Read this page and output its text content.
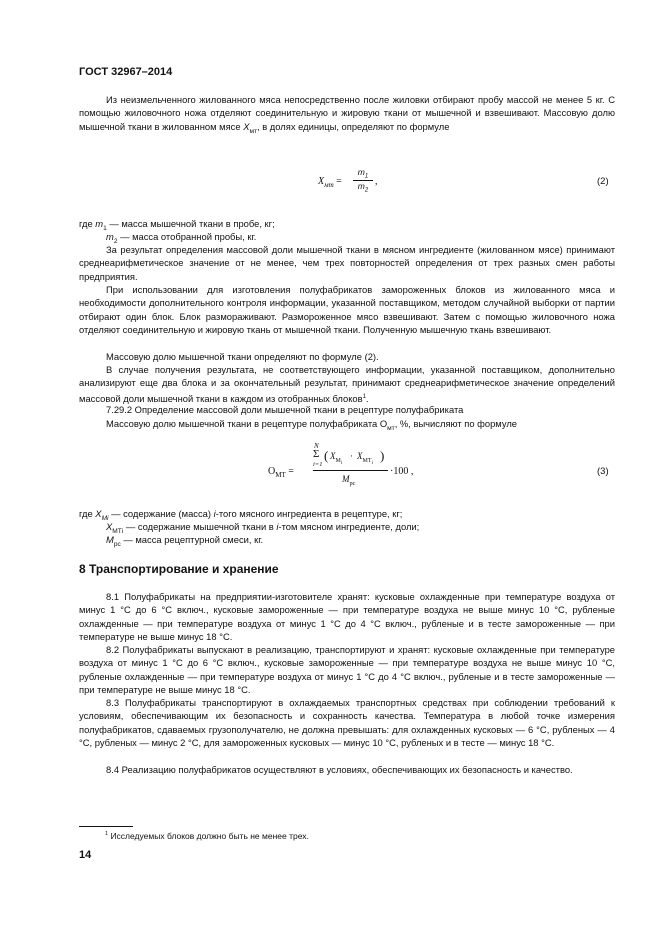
ГОСТ 32967–2014
Из неизмельченного жилованного мяса непосредственно после жиловки отбирают пробу массой не менее 5 кг. С помощью жиловочного ножа отделяют соединительную и жировую ткани от мышечной и взвешивают. Массовую долю мышечной ткани в жилованном мясе $X_{мт}$, в долях единицы, определяют по формуле
$X_{мт}$ =
$m_1$
$m_2$
,	(2)
где $m_1$ — масса мышечной ткани в пробе, кг;
$m_2$ — масса отобранной пробы, кг.
За результат определения массовой доли мышечной ткани в мясном ингредиенте (жилованном мясе) принимают среднеарифметическое значение от не менее, чем трех повторностей определения от трех разных смен работы предприятия.
При использовании для изготовления полуфабрикатов замороженных блоков из жилованного мяса и необходимости дополнительного контроля информации, указанной поставщиком, методом случайной выборки от партии отбирают один блок. Блок размораживают. Размороженное мясо взвешивают. Затем с помощью жиловочного ножа отделяют соединительную и жировую ткань от мышечной ткани. Полученную мышечную ткань взвешивают.
Массовую долю мышечной ткани определяют по формуле (2).
В случае получения результата, не соответствующего информации, указанной поставщиком, дополнительно анализируют еще два блока и за окончательный результат, принимают среднеарифметическое значение определений массовой доли мышечной ткани в каждом из отобранных блоков$^1$.
7.29.2 Определение массовой доли мышечной ткани в рецептуре полуфабриката
Массовую долю мышечной ткани в рецептуре полуфабриката $О_{мт}$, %, вычисляют по формуле
$О_{МТ}$ =
N
Σ
i=1
( $X_{M_i}$
· $X_{MT_i}$
)
$M_{рс}$
·100 ,	(3)
где $X_{Mi}$ — содержание (масса) i-того мясного ингредиента в рецептуре, кг;
$X_{МТi}$ — содержание мышечной ткани в i-том мясном ингредиенте, доли;
$M_{рс}$ — масса рецептурной смеси, кг.
8 Транспортирование и хранение
8.1 Полуфабрикаты на предприятии-изготовителе хранят: кусковые охлажденные при температуре воздуха от минус 1 °С до 6 °С включ., кусковые замороженные — при температуре воздуха не выше минус 10 °С, рубленые охлажденные — при температуре воздуха от минус 1 °С до 4 °С включ., рубленые и в тесте замороженные — при температуре не выше минус 18 °С.
8.2 Полуфабрикаты выпускают в реализацию, транспортируют и хранят: кусковые охлажденные при температуре воздуха от минус 1 °С до 6 °С включ., кусковые замороженные — при температуре воздуха не выше минус 10 °С, рубленые охлажденные — при температуре воздуха от минус 1 °С до 4 °С включ., рубленые и в тесте замороженные — при температуре не выше минус 18 °С.
8.3 Полуфабрикаты транспортируют в охлаждаемых транспортных средствах при соблюдении требований к условиям, обеспечивающим их безопасность и сохранность качества. Температура в любой точке измерения полуфабрикатов, сдаваемых грузополучателю, не должна превышать: для охлажденных кусковых — 6 °С, рубленых — 4 °С, рубленых — минус 2 °С, для замороженных кусковых — минус 10 °С, рубленых и в тесте — минус 18 °С.
8.4 Реализацию полуфабрикатов осуществляют в условиях, обеспечивающих их безопасность и качество.
$^1$ Исследуемых блоков должно быть не менее трех.
14
